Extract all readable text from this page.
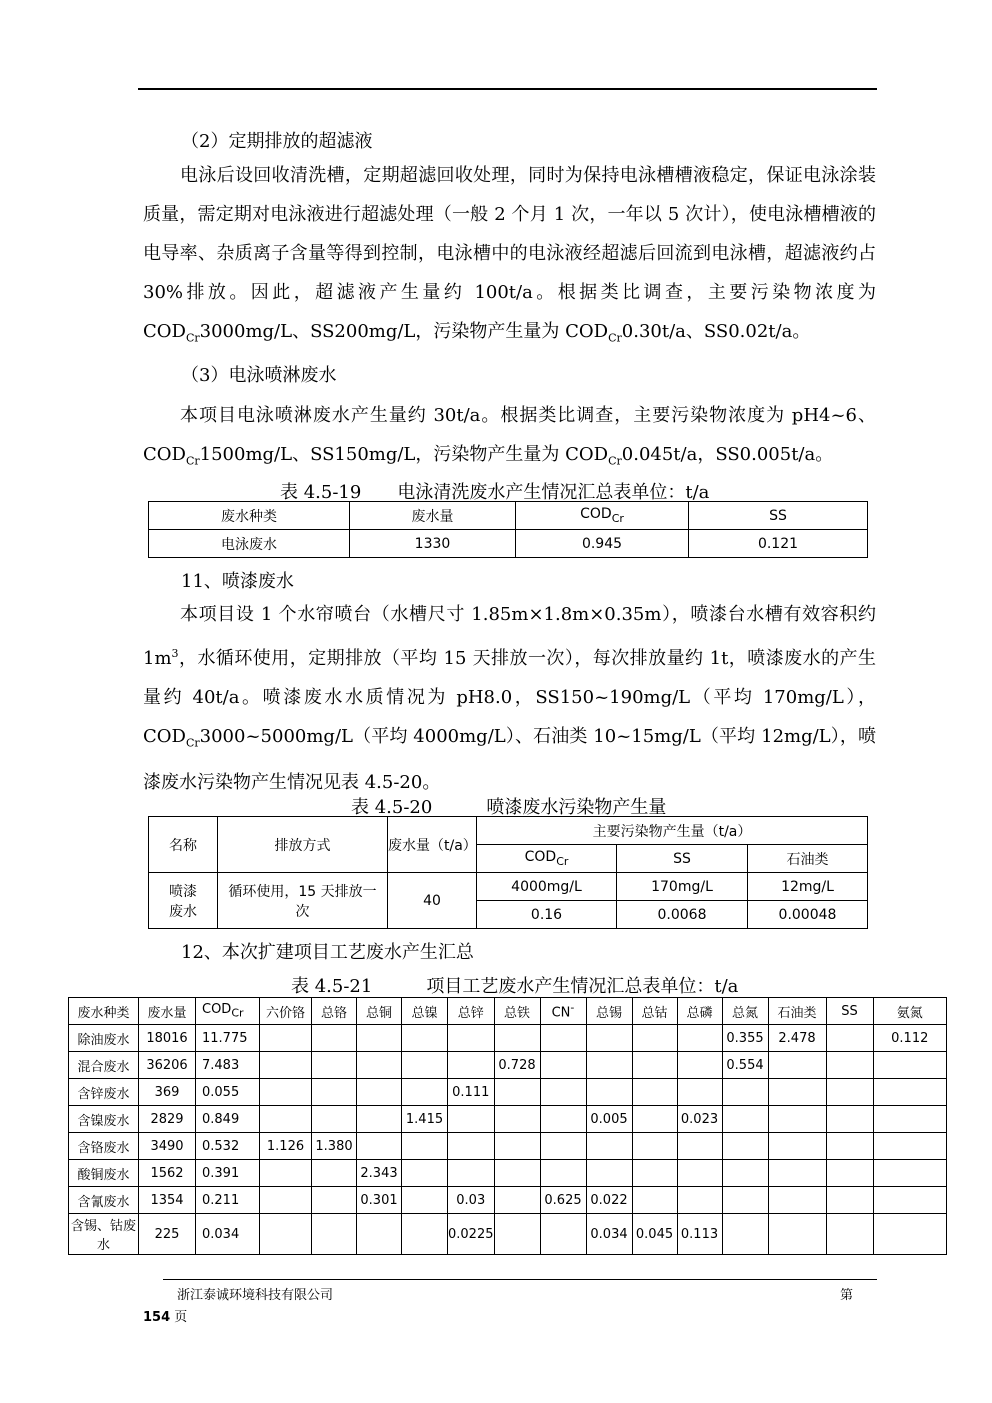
（2）定期排放的超滤液

电泳后设回收清洗槽，定期超滤回收处理，同时为保持电泳槽槽液稳定，保证电泳涂装质量，需定期对电泳液进行超滤处理（一般 2 个月 1 次，一年以 5 次计），使电泳槽槽液的电导率、杂质离子含量等得到控制，电泳槽中的电泳液经超滤后回流到电泳槽，超滤液约占 30%排放。因此，超滤液产生量约 100t/a。根据类比调查，主要污染物浓度为 $COD_{Cr}3000mg/L$、SS200mg/L，污染物产生量为 $COD_{Cr}0.30t/a$、SS0.02t/a。

（3）电泳喷淋废水

本项目电泳喷淋废水产生量约 30t/a。根据类比调查，主要污染物浓度为 pH4~6、$COD_{Cr}1500mg/L$、SS150mg/L，污染物产生量为 $COD_{Cr}0.045t/a$，SS0.005t/a。

表 4.5-19　　电泳清洗废水产生情况汇总表单位：t/a
废水种类	废水量	$COD_{Cr}$	SS
电泳废水	1330	0.945	0.121
11、喷漆废水

本项目设 1 个水帘喷台（水槽尺寸 1.85m×1.8m×0.35m），喷漆台水槽有效容积约 $1m^3$，水循环使用，定期排放（平均 15 天排放一次），每次排放量约 1t，喷漆废水的产生量约 40t/a。喷漆废水水质情况为 pH8.0，SS150~190mg/L（平均 170mg/L），$COD_{Cr}3000\sim 5000mg/L$（平均 4000mg/L）、石油类 10~15mg/L（平均 12mg/L），喷漆废水污染物产生情况见表 4.5-20。

表 4.5-20　　　喷漆废水污染物产生量
名称	排放方式	废水量（t/a）	主要污染物产生量（t/a）		
			$COD_{Cr}$	SS	石油类
喷漆废水	循环使用，15 天排放一次	40	4000mg/L	170mg/L	12mg/L
			0.16	0.0068	0.00048
12、本次扩建项目工艺废水产生汇总
表 4.5-21　　　项目工艺废水产生情况汇总表单位：t/a
废水种类	废水量	$COD_{Cr}$	六价铬	总铬	总铜	总镍	总锌	总铁	CN-	总锡	总钴	总磷	总氮	石油类	SS	氨氮
除油废水	18016	11.775											0.355	2.478		0.112
混合废水	36206	7.483						0.728					0.554			
含锌废水	369	0.055					0.111									
含镍废水	2829	0.849				1.415				0.005		0.023				
含铬废水	3490	0.532	1.126	1.380												
酸铜废水	1562	0.391			2.343											
含氰废水	1354	0.211			0.301		0.03		0.625	0.022						
含锡、钴废水	225	0.034					0.0225			0.034	0.045	0.113				
浙江泰诚环境科技有限公司	第
154 页
